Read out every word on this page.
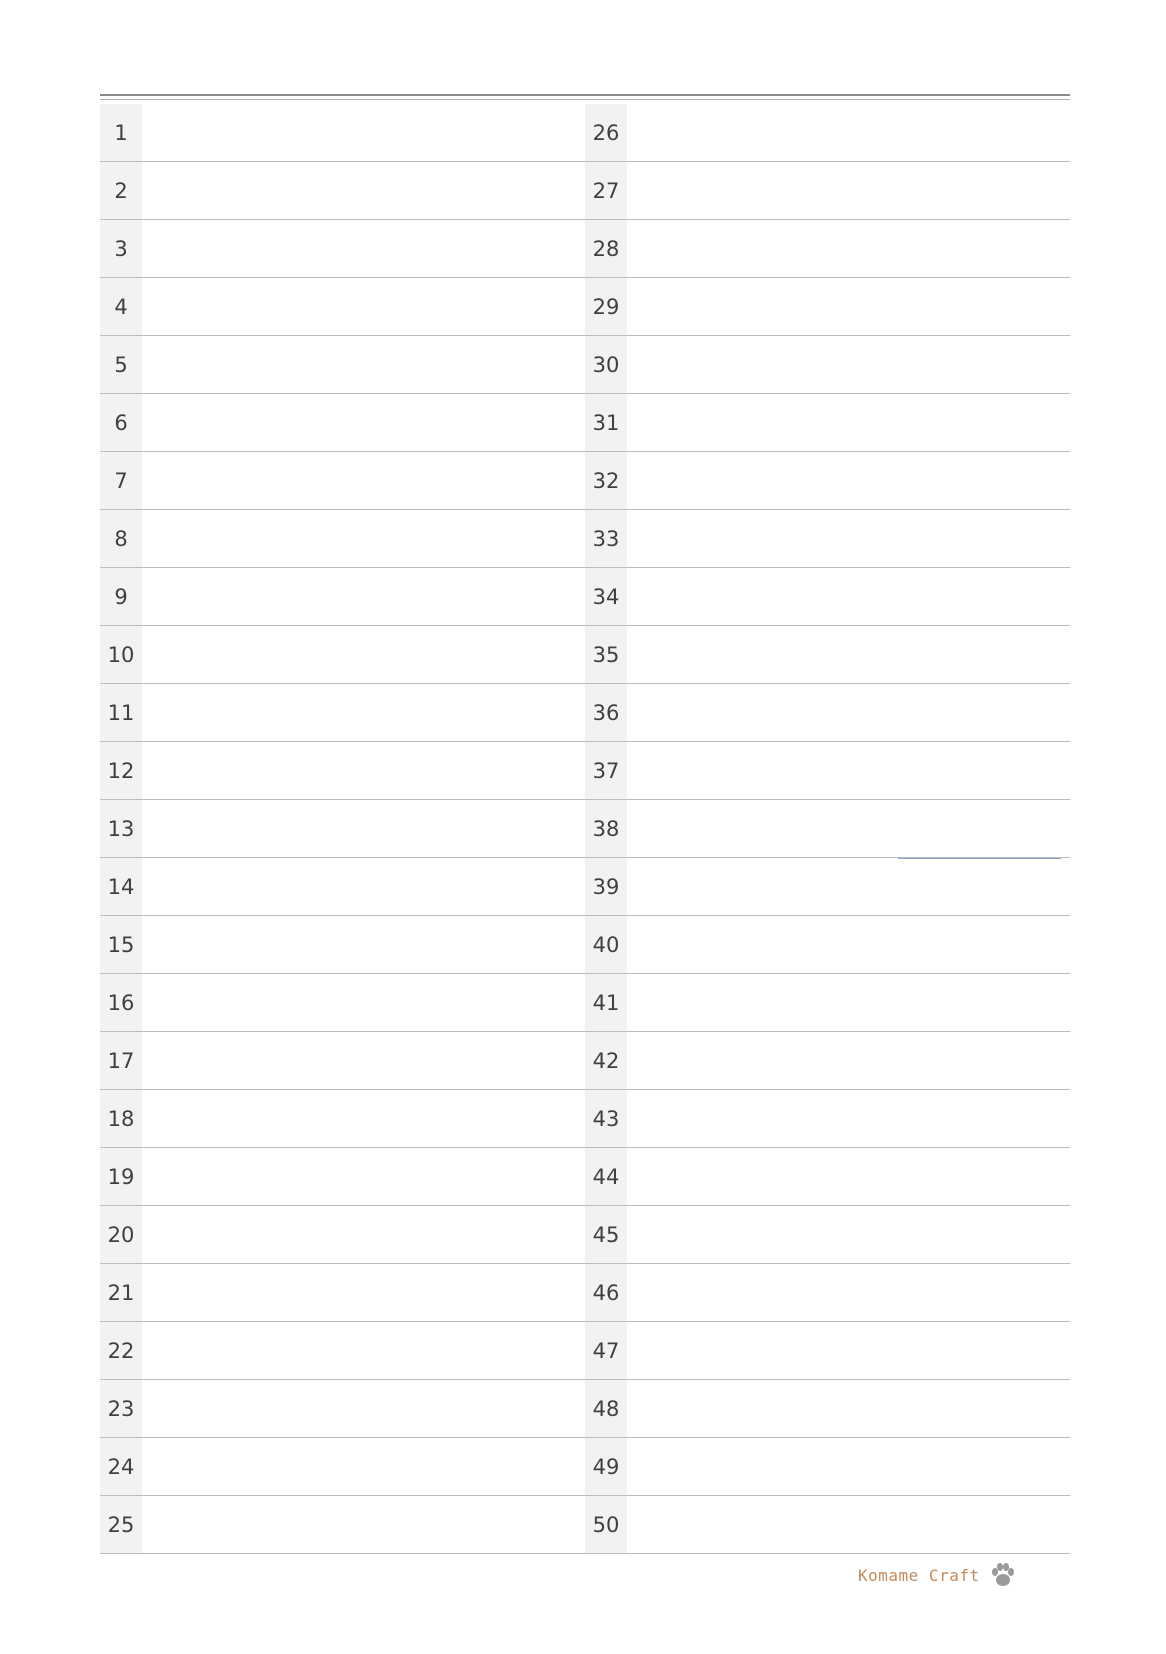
1
2
3
4
5
6
7
8
9
10
11
12
13
14
15
16
17
18
19
20
21
22
23
24
25
26
27
28
29
30
31
32
33
34
35
36
37
38
39
40
41
42
43
44
45
46
47
48
49
50
Komame Craft
